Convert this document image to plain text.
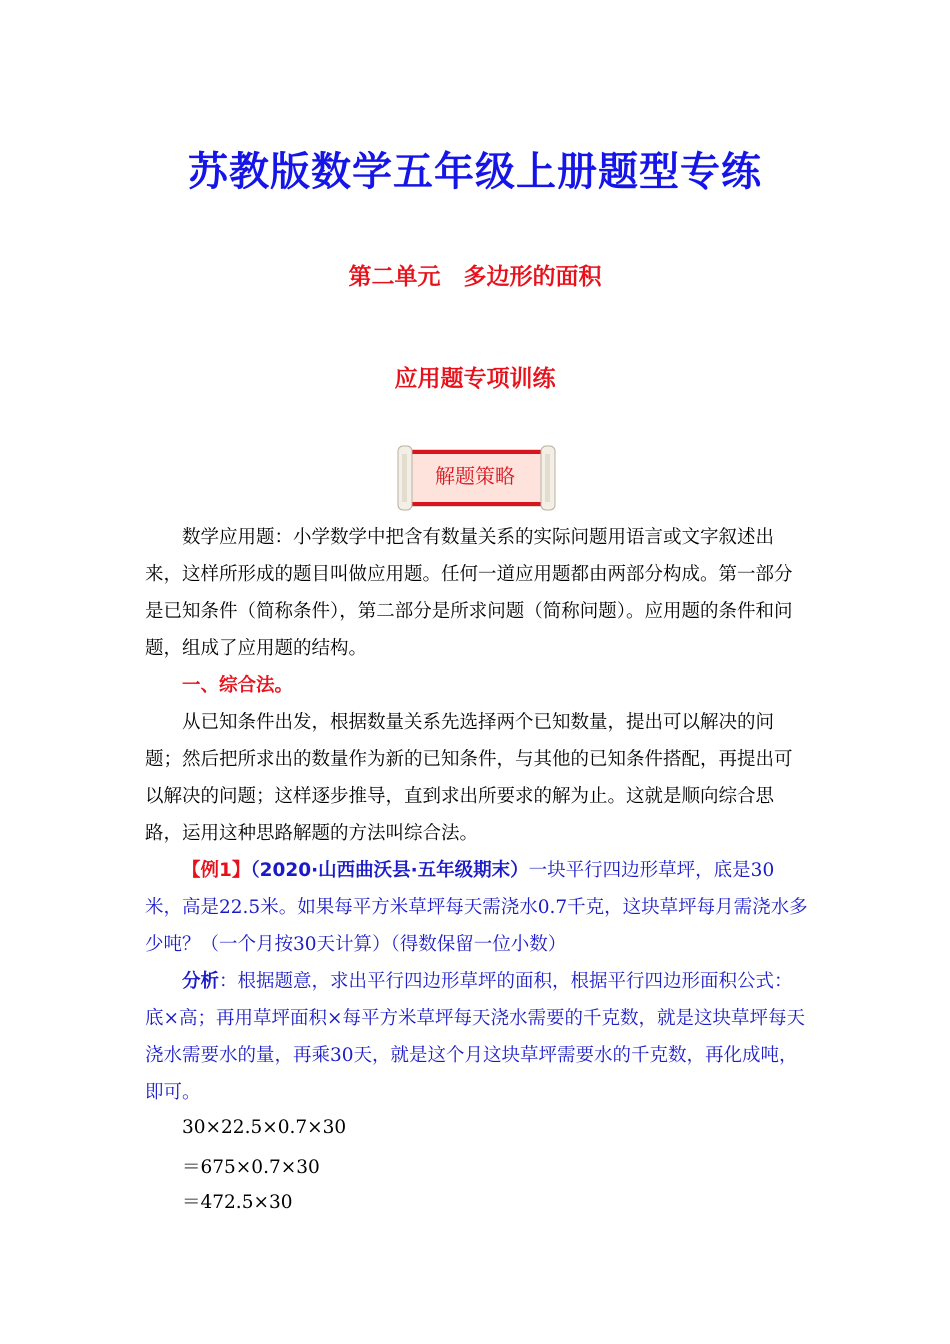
苏教版数学五年级上册题型专练
第二单元　多边形的面积
应用题专项训练
解题策略
数学应用题：小学数学中把含有数量关系的实际问题用语言或文字叙述出来，这样所形成的题目叫做应用题。任何一道应用题都由两部分构成。第一部分是已知条件（简称条件），第二部分是所求问题（简称问题）。应用题的条件和问题，组成了应用题的结构。
一、综合法。
从已知条件出发，根据数量关系先选择两个已知数量，提出可以解决的问题；然后把所求出的数量作为新的已知条件，与其他的已知条件搭配，再提出可以解决的问题；这样逐步推导，直到求出所要求的解为止。这就是顺向综合思路，运用这种思路解题的方法叫综合法。
【例1】（2020·山西曲沃县·五年级期末）一块平行四边形草坪，底是30米，高是22.5米。如果每平方米草坪每天需浇水0.7千克，这块草坪每月需浇水多少吨？（一个月按30天计算）（得数保留一位小数）
分析：根据题意，求出平行四边形草坪的面积，根据平行四边形面积公式：底×高；再用草坪面积×每平方米草坪每天浇水需要的千克数，就是这块草坪每天浇水需要水的量，再乘30天，就是这个月这块草坪需要水的千克数，再化成吨，即可。
30×22.5×0.7×30
＝675×0.7×30
＝472.5×30
